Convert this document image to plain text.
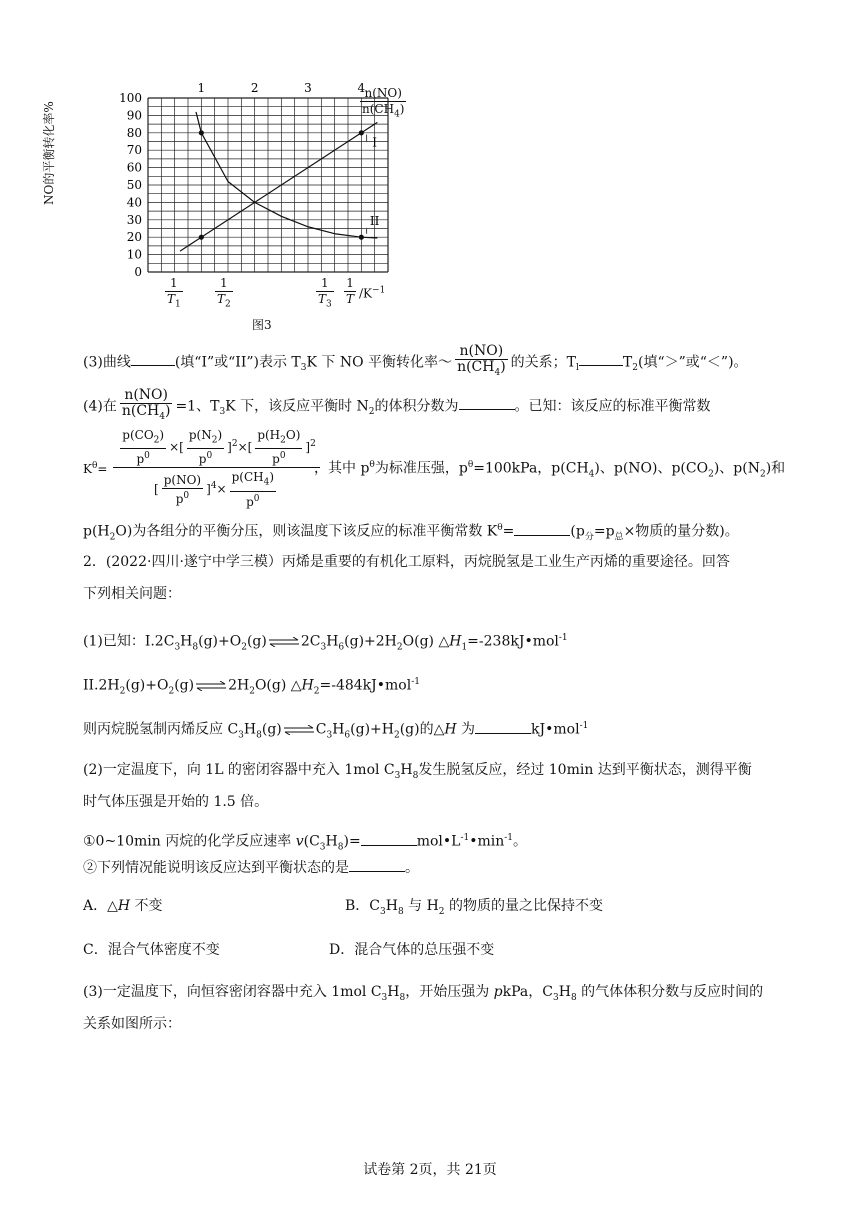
100
90
80
70
60
50
40
30
20
10
0
1	2	3	4
I
II
$\frac{n(NO)}{n(CH_4)}$
NO的平衡转化率%
$\frac{1}{T_1}$	$\frac{1}{T_2}$	$\frac{1}{T_3} \frac{1}{T} /K^{-1}$
图3
(3)曲线	(填“I”或“II”)表示 $T_3K$ 下 NO 平衡转化率～ $\frac{n(NO)}{n(CH_4)}$ 的关系；$T_l$	$T_2$(填“＞”或“＜”)。
(4)在 $\frac{n(NO)}{n(CH_4)} =1$、$T_3K$ 下，该反应平衡时 $N_2$的体积分数为	。已知：该反应的标准平衡常数
$K^\theta= \frac{\frac{p(CO_2)}{p^0} \times[ \frac{p(N_2)}{p^0} ]^2\times[ \frac{p(H_2O)}{p^0} ]^2}{[ \frac{p(NO)}{p^0} ]^4\times \frac{p(CH_4)}{p^0}}$
，其中 $p^\theta$为标准压强，$p^\theta=100kPa$，$p(CH_4)$、p(NO)、$p(CO_2)$、$p(N_2)$和
$p(H_2O)$为各组分的平衡分压，则该温度下该反应的标准平衡常数 $K^\theta=$	($p_分=p_总\times$物质的量分数)。
2．(2022·四川·遂宁中学三模）丙烯是重要的有机化工原料，丙烷脱氢是工业生产丙烯的重要途径。回答
下列相关问题：
(1)已知：$I.2C_3H_8(g)+O_2(g)\rightleftharpoons 2C_3H_6(g)+2H_2O(g)$ $\triangle H_1=-238kJ•mol^{-1}$
$II.2H_2(g)+O_2(g)\rightleftharpoons 2H_2O(g)$ $\triangle H_2=-484kJ•mol^{-1}$
则丙烷脱氢制丙烯反应 $C_3H_8(g)\rightleftharpoons C_3H_6(g)+H_2(g)$的△H 为	kJ•mol$^{-1}$
(2)一定温度下，向 1L 的密闭容器中充入 1mol $C_3H_8$发生脱氢反应，经过 10min 达到平衡状态，测得平衡
时气体压强是开始的 1.5 倍。
①0~10min 丙烷的化学反应速率 $v(C_3H_8)=$	$mol•L^{-1}•\min^{-1}$。
②下列情况能说明该反应达到平衡状态的是	。
A．△H 不变	B．$C_3H_8$ 与 $H_2$ 的物质的量之比保持不变
C．混合气体密度不变	D．混合气体的总压强不变
(3)一定温度下，向恒容密闭容器中充入 1mol $C_3H_8$，开始压强为 pkPa，$C_3H_8$ 的气体体积分数与反应时间的
关系如图所示：
试卷第 2页，共 21页
